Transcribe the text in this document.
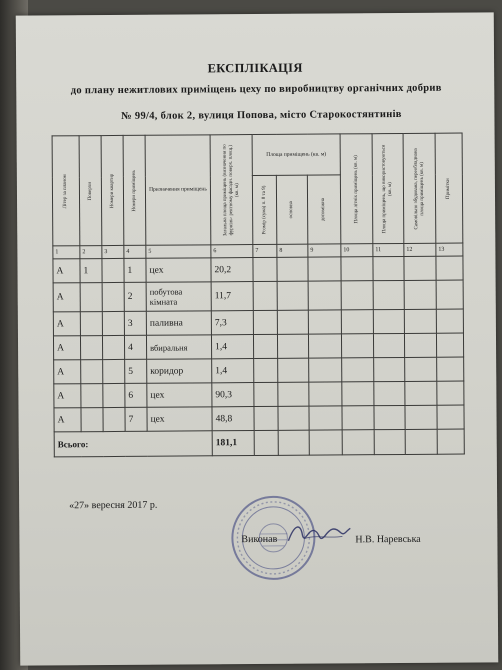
ЕКСПЛІКАЦІЯ
до плану нежитлових приміщень цеху по виробництву органічних добрив
№ 99/4, блок 2, вулиця Попова, місто Старокостянтинів
Літер за планом	Поверхи	Номери квартир	Номери приміщень	Призначення приміщень	Загальна площа приміщень (визначення по фурніль- ректному фасадн. поверх. площ.) (кв. м)	Площа приміщень (кв. м)			Площа літніх приміщень (кв. м)	Площа приміщень, що використовуються (кв. м)	Самовільно збудована, переобладнана площа приміщень (кв. м)	Примітки

						Розмір (сума) п. 8 та 9)	основна	допоміжна				

1	2	3	4	5	6	7	8	9	10	11	12	13
А	1		1	цех	20,2							
А			2	побутова кімната	11,7							
А			3	паливна	7,3							
А			4	вбиральня	1,4							
А			5	коридор	1,4							
А			6	цех	90,3							
А			7	цех	48,8							
Всього:					181,1							
«27» вересня 2017 р.
Виконав	Н.В. Наревська
